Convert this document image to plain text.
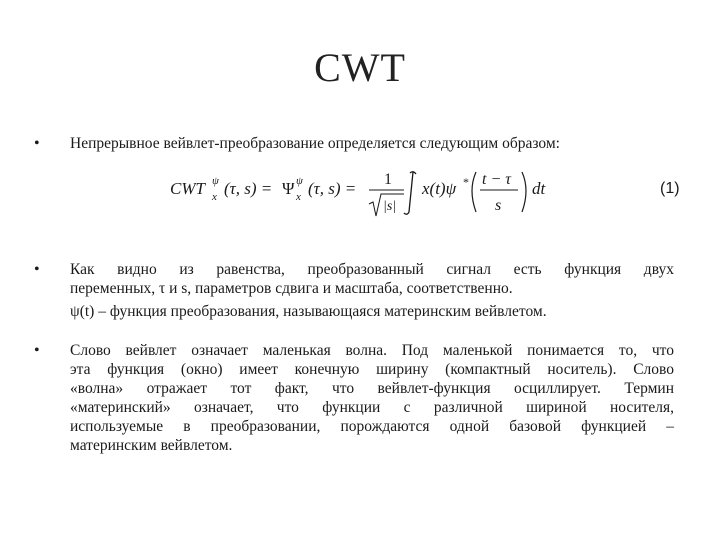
CWT
• Непрерывное вейвлет-преобразование определяется следующим образом:

CWT ψ
x (τ, s) = Ψ ψ
x (τ, s) = 1
|s|
x(t)ψ * t − τ
s
dt	(1)
• Как видно из равенства, преобразованный сигнал есть функция двух

переменных, τ и s, параметров сдвига и масштаба, соответственно.

ψ(t) – функция преобразования, называющаяся материнским вейвлетом.

• Слово вейвлет означает маленькая волна. Под маленькой понимается то, что

эта функция (окно) имеет конечную ширину (компактный носитель). Слово

«волна» отражает тот факт, что вейвлет-функция осциллирует. Термин

«материнский» означает, что функции с различной шириной носителя,

используемые в преобразовании, порождаются одной базовой функцией –

материнским вейвлетом.
